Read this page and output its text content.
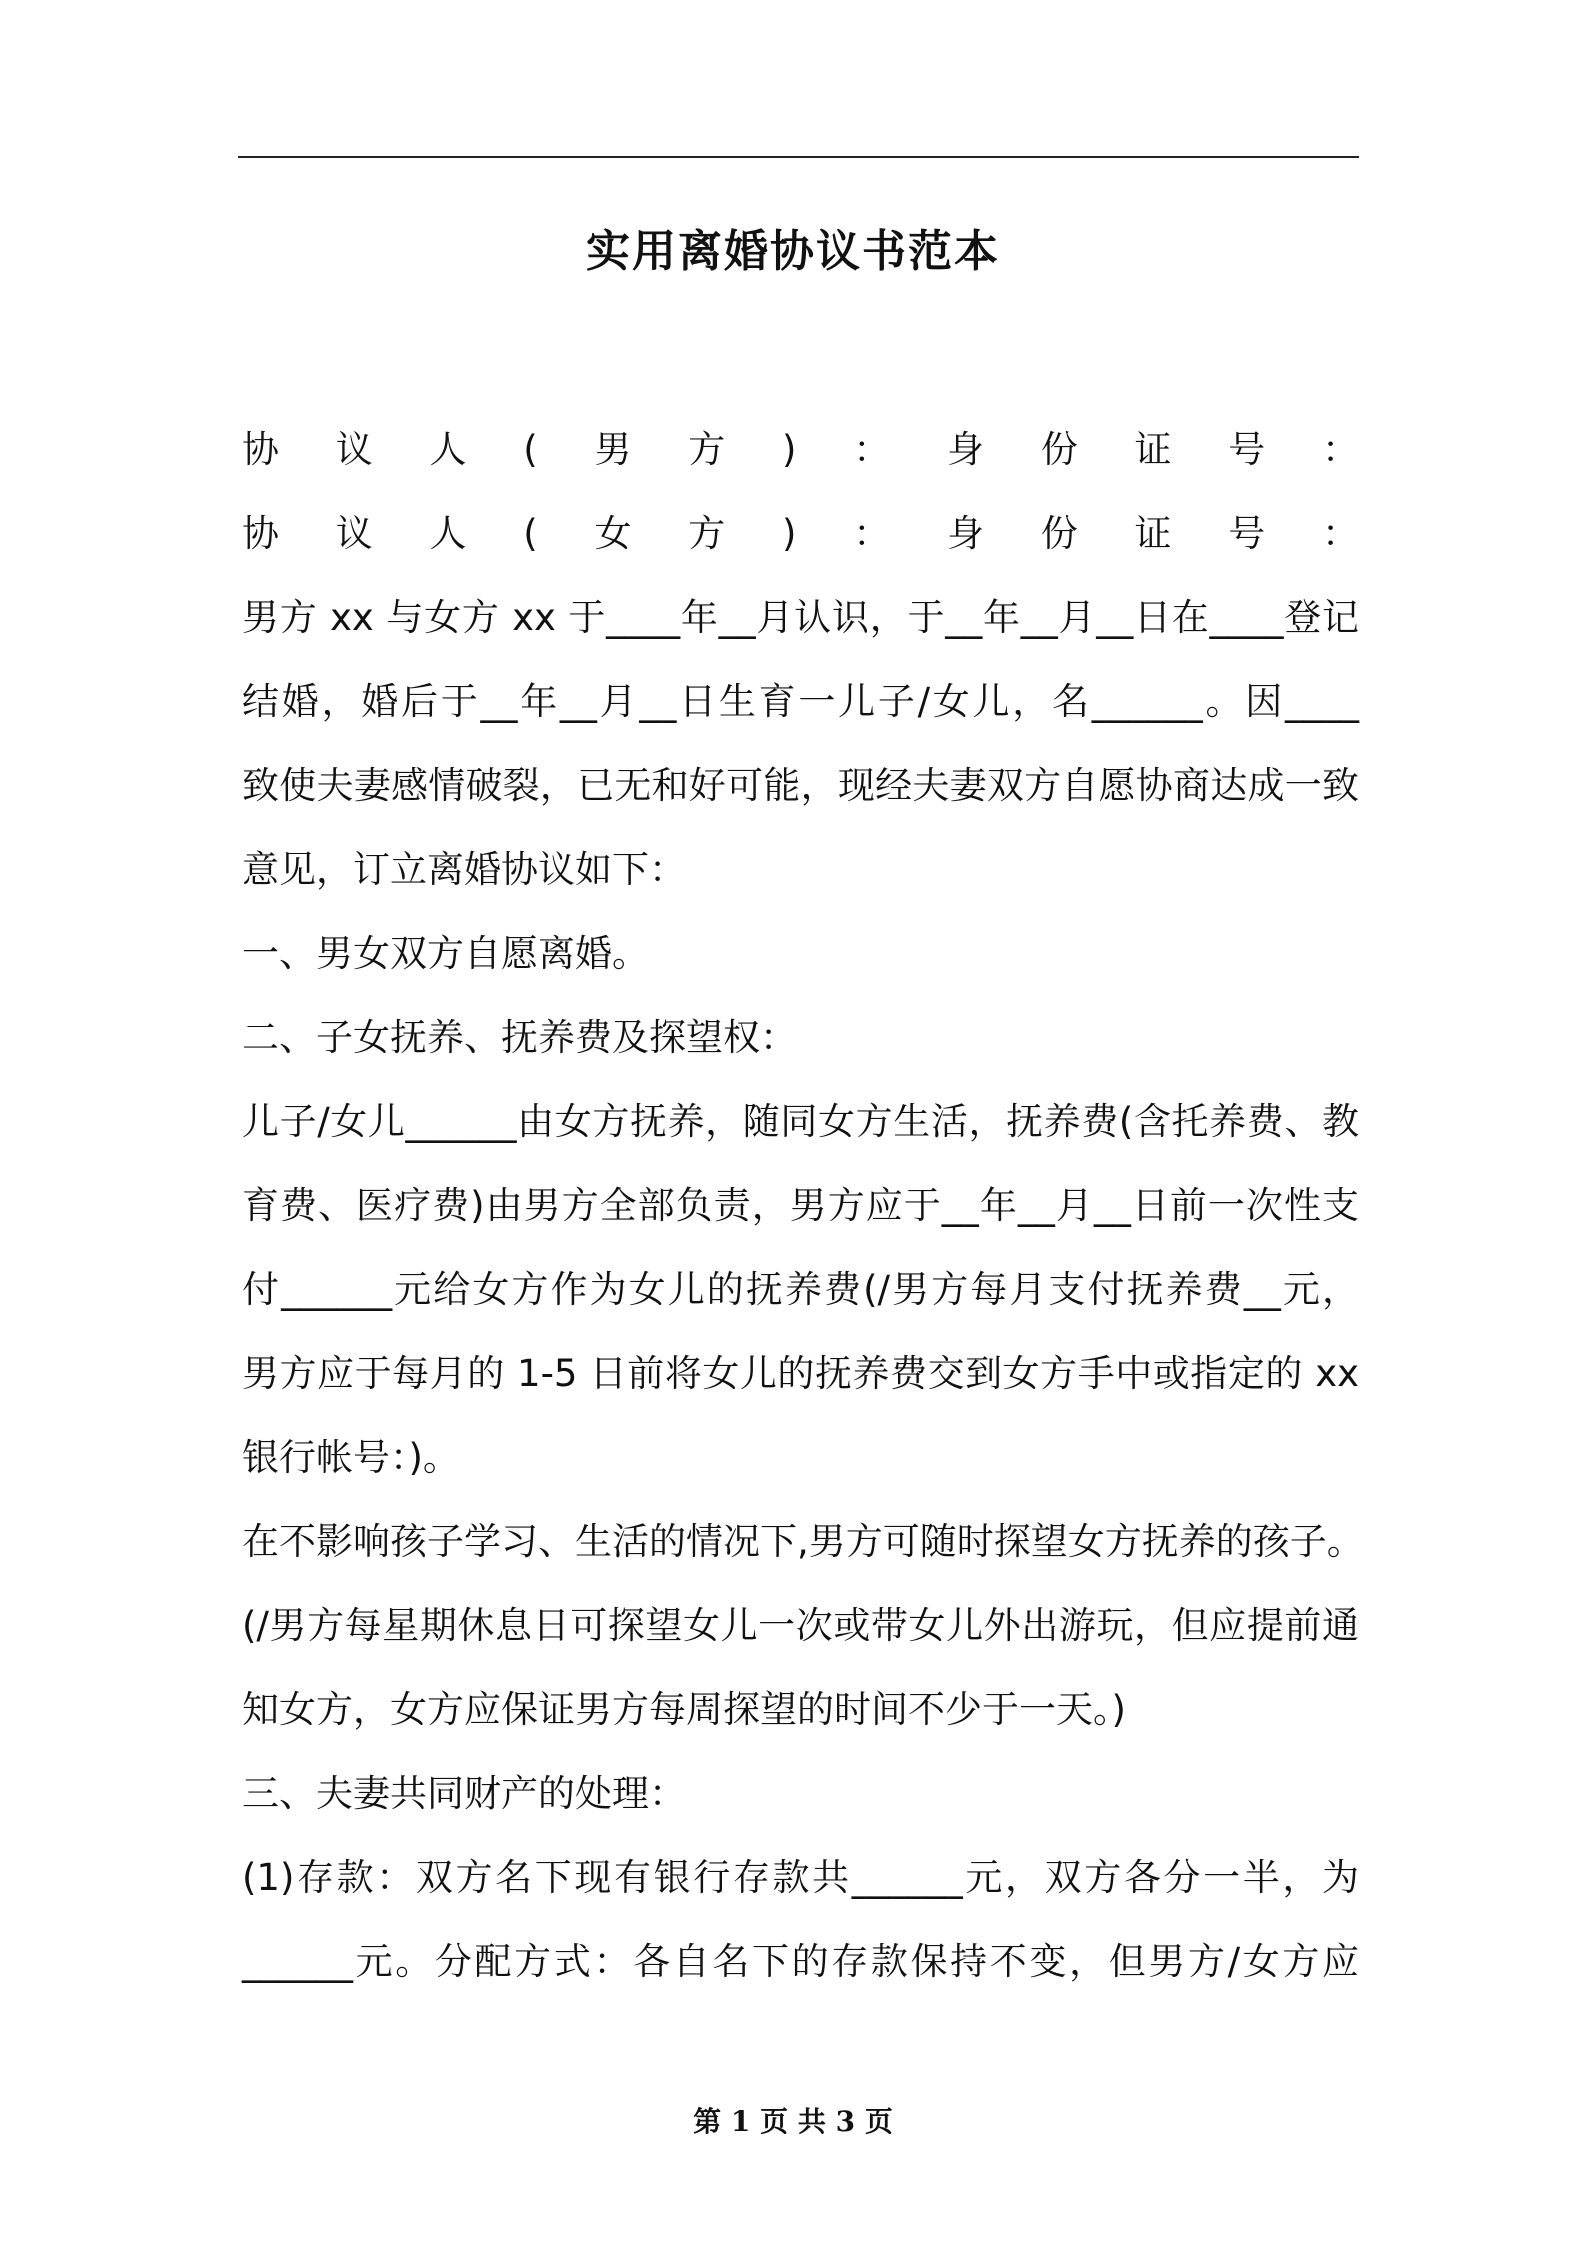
实用离婚协议书范本
协议人(男方)：身份证号：
协议人(女方)：身份证号：
男方 xx 与女方 xx 于____年__月认识，于__年__月__日在____登记
结婚，婚后于__年__月__日生育一儿子/女儿，名______。因____
致使夫妻感情破裂，已无和好可能，现经夫妻双方自愿协商达成一致
意见，订立离婚协议如下：
一、男女双方自愿离婚。
二、子女抚养、抚养费及探望权：
儿子/女儿______由女方抚养，随同女方生活，抚养费(含托养费、教
育费、医疗费)由男方全部负责，男方应于__年__月__日前一次性支
付______元给女方作为女儿的抚养费(/男方每月支付抚养费__元，
男方应于每月的 1-5 日前将女儿的抚养费交到女方手中或指定的 xx
银行帐号：)。
在不影响孩子学习、生活的情况下,男方可随时探望女方抚养的孩子。
(/男方每星期休息日可探望女儿一次或带女儿外出游玩，但应提前通
知女方，女方应保证男方每周探望的时间不少于一天。)
三、夫妻共同财产的处理：
(1)存款：双方名下现有银行存款共______元，双方各分一半，为
______元。分配方式：各自名下的存款保持不变，但男方/女方应
第 1 页 共 3 页
